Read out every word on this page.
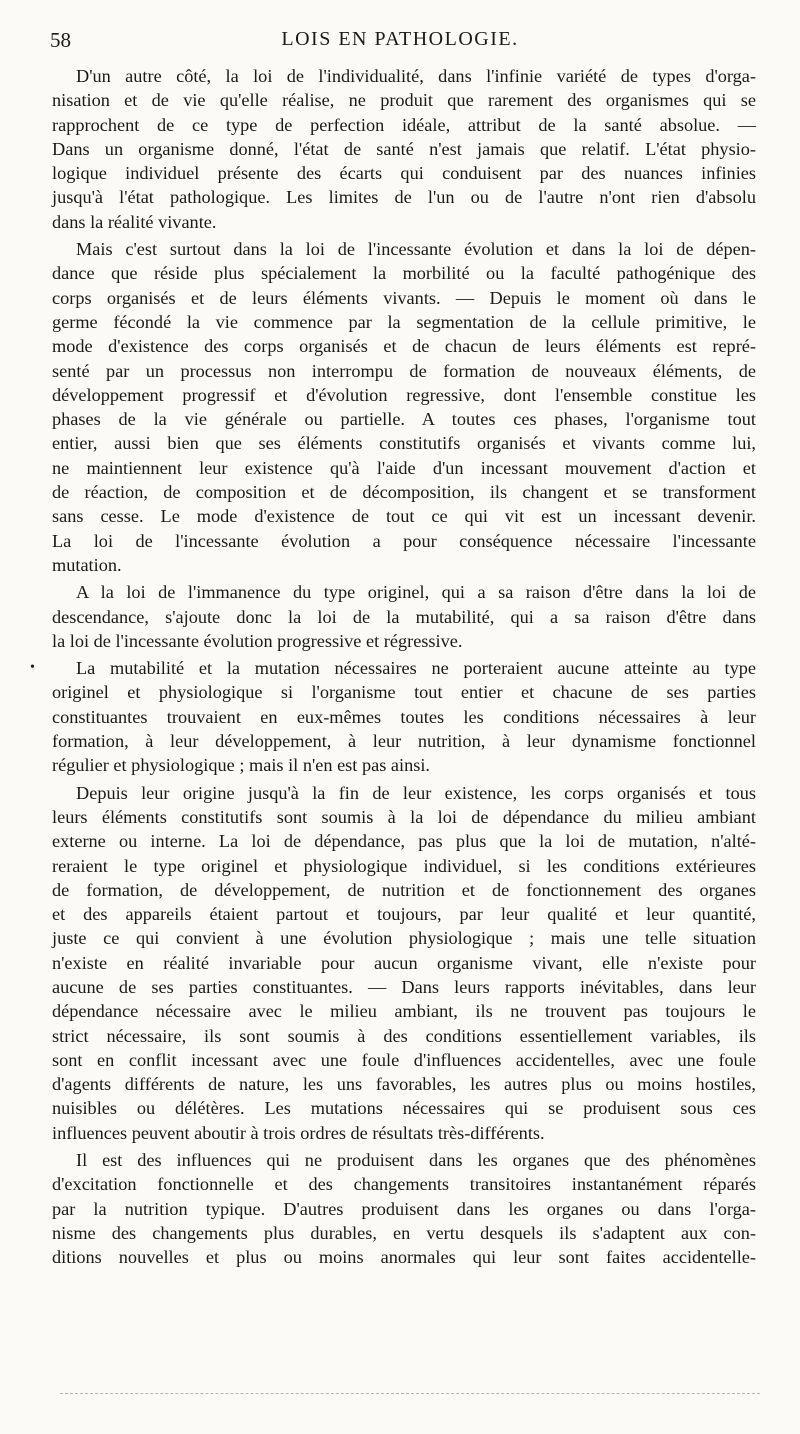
58	LOIS EN PATHOLOGIE.
D'un autre côté, la loi de l'individualité, dans l'infinie variété de types d'orga-
nisation et de vie qu'elle réalise, ne produit que rarement des organismes qui se
rapprochent de ce type de perfection idéale, attribut de la santé absolue. —
Dans un organisme donné, l'état de santé n'est jamais que relatif. L'état physio-
logique individuel présente des écarts qui conduisent par des nuances infinies
jusqu'à l'état pathologique. Les limites de l'un ou de l'autre n'ont rien d'absolu
dans la réalité vivante.
Mais c'est surtout dans la loi de l'incessante évolution et dans la loi de dépen-
dance que réside plus spécialement la morbilité ou la faculté pathogénique des
corps organisés et de leurs éléments vivants. — Depuis le moment où dans le
germe fécondé la vie commence par la segmentation de la cellule primitive, le
mode d'existence des corps organisés et de chacun de leurs éléments est repré-
senté par un processus non interrompu de formation de nouveaux éléments, de
développement progressif et d'évolution regressive, dont l'ensemble constitue les
phases de la vie générale ou partielle. A toutes ces phases, l'organisme tout
entier, aussi bien que ses éléments constitutifs organisés et vivants comme lui,
ne maintiennent leur existence qu'à l'aide d'un incessant mouvement d'action et
de réaction, de composition et de décomposition, ils changent et se transforment
sans cesse. Le mode d'existence de tout ce qui vit est un incessant devenir.
La loi de l'incessante évolution a pour conséquence nécessaire l'incessante
mutation.
A la loi de l'immanence du type originel, qui a sa raison d'être dans la loi de
descendance, s'ajoute donc la loi de la mutabilité, qui a sa raison d'être dans
la loi de l'incessante évolution progressive et régressive.
•	La mutabilité et la mutation nécessaires ne porteraient aucune atteinte au type
originel et physiologique si l'organisme tout entier et chacune de ses parties
constituantes trouvaient en eux-mêmes toutes les conditions nécessaires à leur
formation, à leur développement, à leur nutrition, à leur dynamisme fonctionnel
régulier et physiologique ; mais il n'en est pas ainsi.
Depuis leur origine jusqu'à la fin de leur existence, les corps organisés et tous
leurs éléments constitutifs sont soumis à la loi de dépendance du milieu ambiant
externe ou interne. La loi de dépendance, pas plus que la loi de mutation, n'alté-
reraient le type originel et physiologique individuel, si les conditions extérieures
de formation, de développement, de nutrition et de fonctionnement des organes
et des appareils étaient partout et toujours, par leur qualité et leur quantité,
juste ce qui convient à une évolution physiologique ; mais une telle situation
n'existe en réalité invariable pour aucun organisme vivant, elle n'existe pour
aucune de ses parties constituantes. — Dans leurs rapports inévitables, dans leur
dépendance nécessaire avec le milieu ambiant, ils ne trouvent pas toujours le
strict nécessaire, ils sont soumis à des conditions essentiellement variables, ils
sont en conflit incessant avec une foule d'influences accidentelles, avec une foule
d'agents différents de nature, les uns favorables, les autres plus ou moins hostiles,
nuisibles ou délétères. Les mutations nécessaires qui se produisent sous ces
influences peuvent aboutir à trois ordres de résultats très-différents.
Il est des influences qui ne produisent dans les organes que des phénomènes
d'excitation fonctionnelle et des changements transitoires instantanément réparés
par la nutrition typique. D'autres produisent dans les organes ou dans l'orga-
nisme des changements plus durables, en vertu desquels ils s'adaptent aux con-
ditions nouvelles et plus ou moins anormales qui leur sont faites accidentelle-
